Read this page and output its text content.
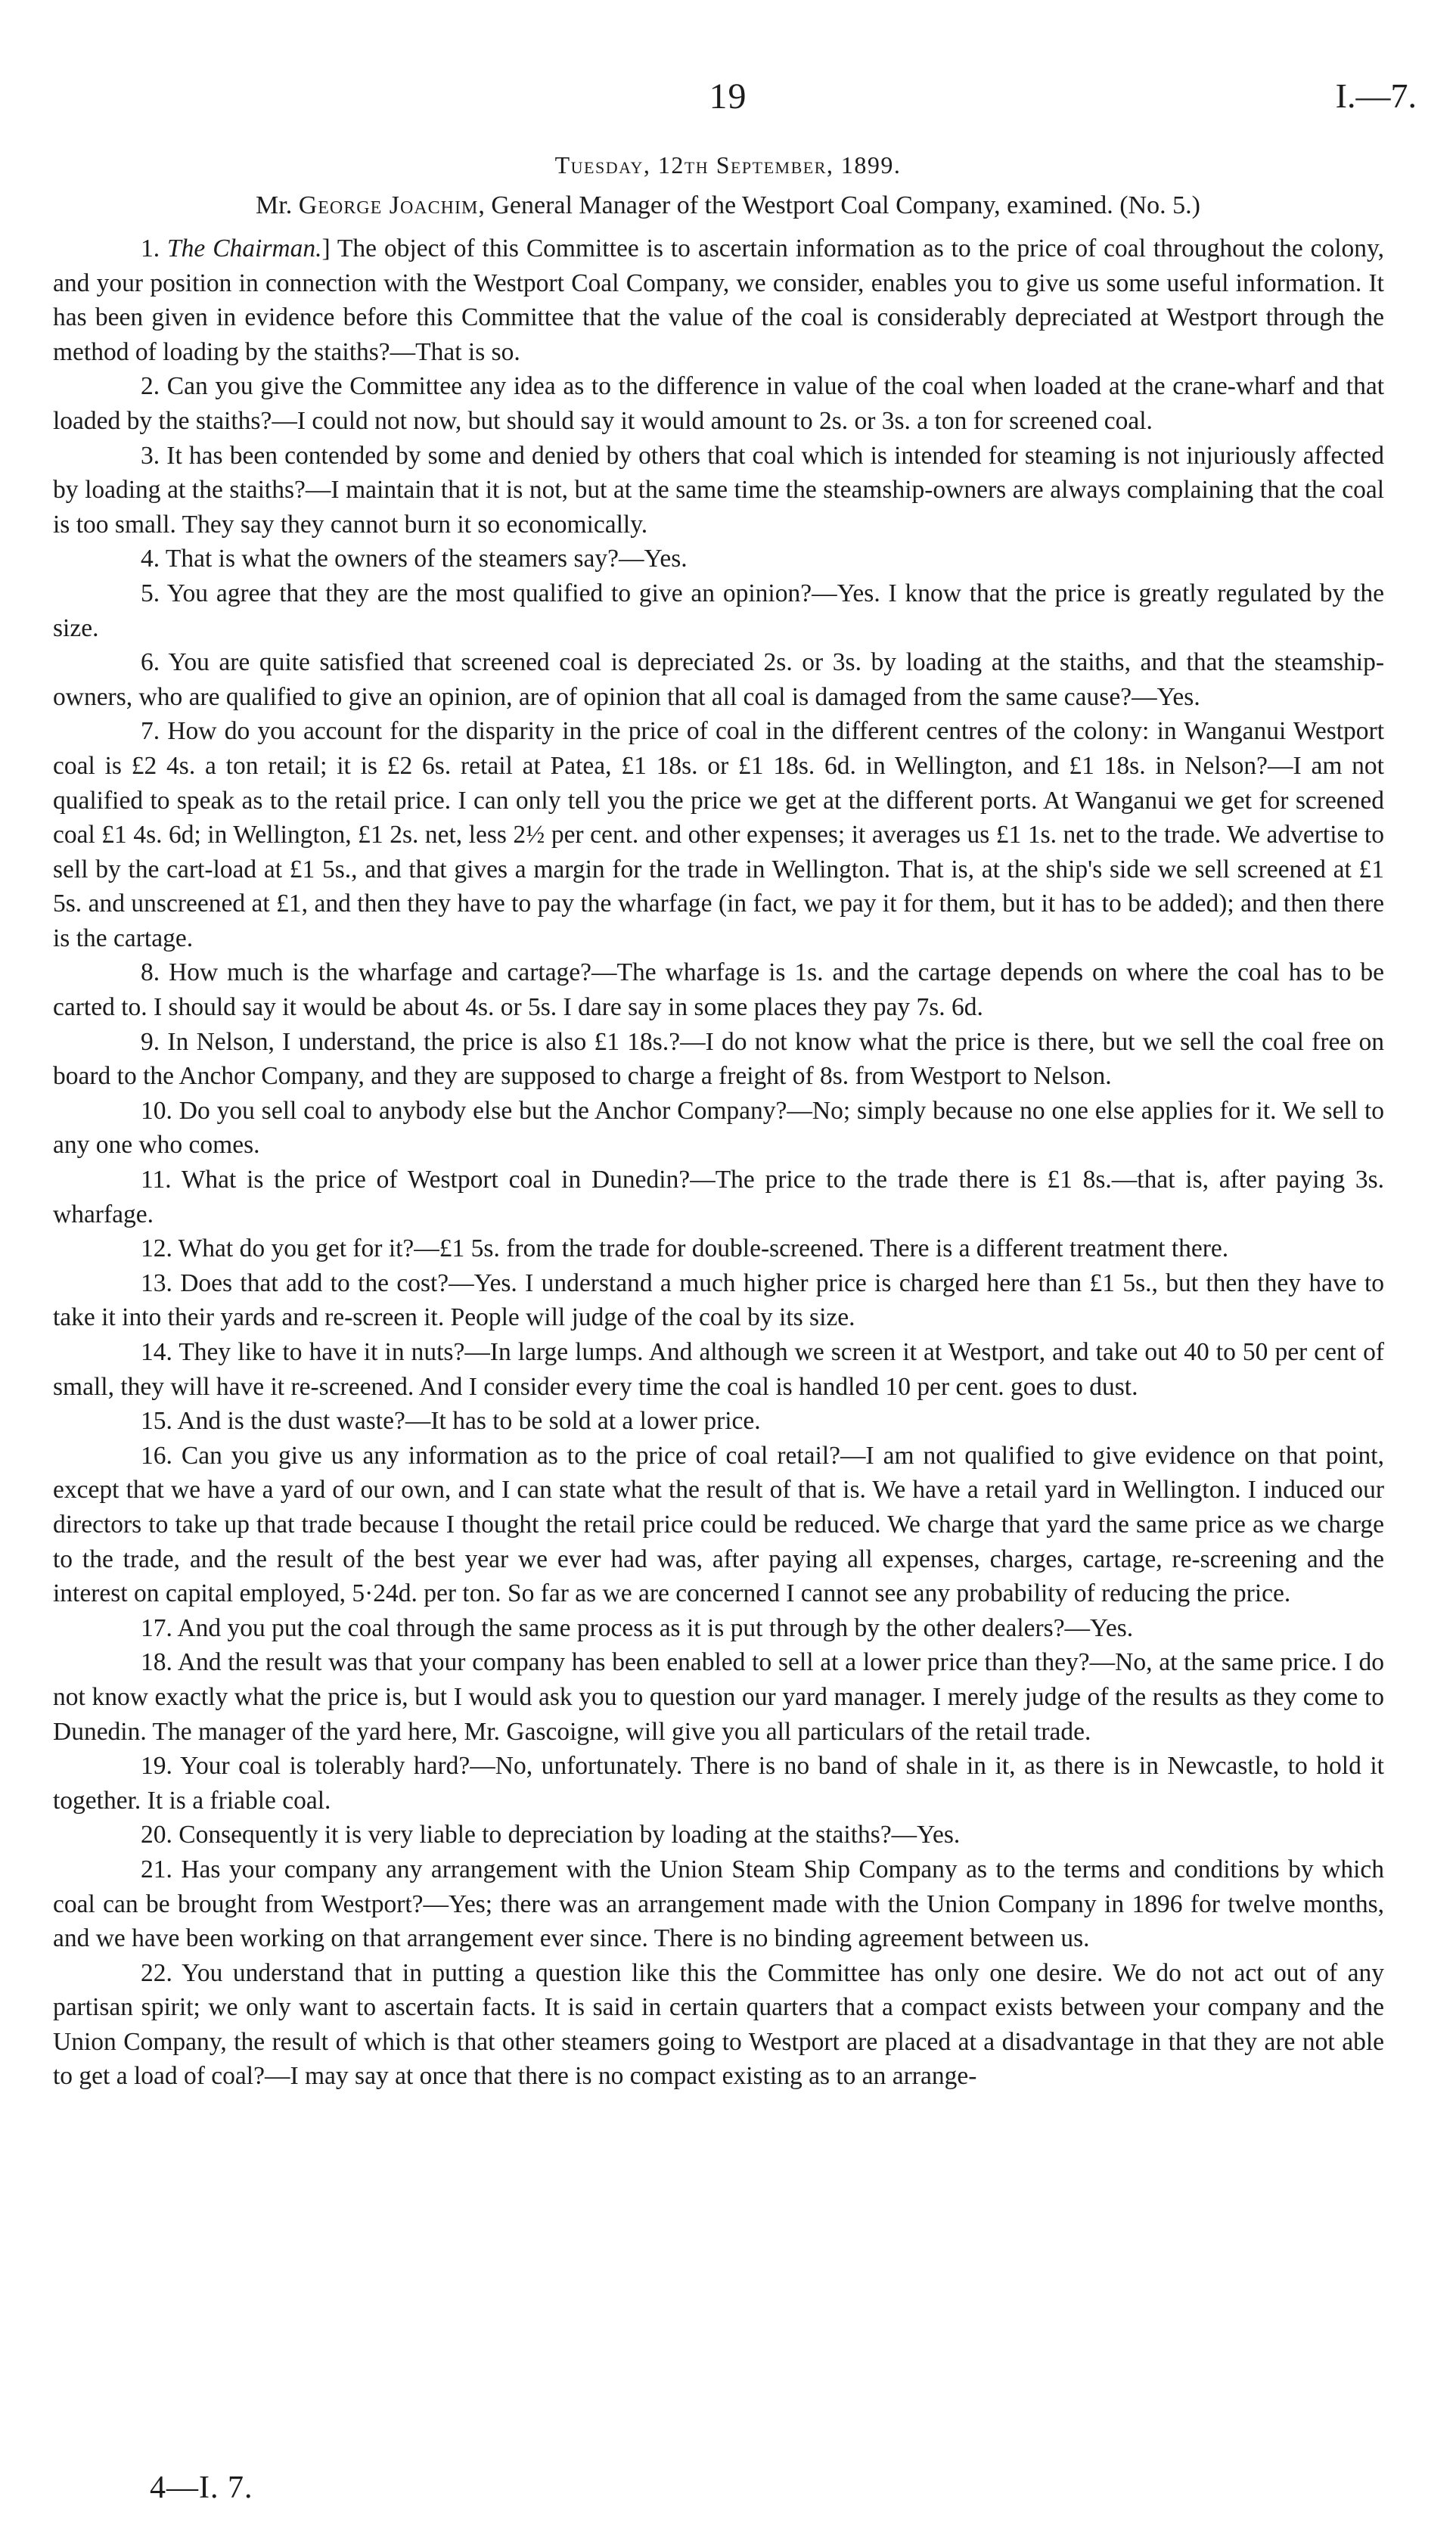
19	I.—7.
Tuesday, 12th September, 1899.
Mr. George Joachim, General Manager of the Westport Coal Company, examined. (No. 5.)

1. The Chairman.] The object of this Committee is to ascertain information as to the price of coal throughout the colony, and your position in connection with the Westport Coal Company, we consider, enables you to give us some useful information. It has been given in evidence before this Committee that the value of the coal is considerably depreciated at Westport through the method of loading by the staiths?—That is so.

2. Can you give the Committee any idea as to the difference in value of the coal when loaded at the crane-wharf and that loaded by the staiths?—I could not now, but should say it would amount to 2s. or 3s. a ton for screened coal.

3. It has been contended by some and denied by others that coal which is intended for steaming is not injuriously affected by loading at the staiths?—I maintain that it is not, but at the same time the steamship-owners are always complaining that the coal is too small. They say they cannot burn it so economically.

4. That is what the owners of the steamers say?—Yes.

5. You agree that they are the most qualified to give an opinion?—Yes. I know that the price is greatly regulated by the size.

6. You are quite satisfied that screened coal is depreciated 2s. or 3s. by loading at the staiths, and that the steamship-owners, who are qualified to give an opinion, are of opinion that all coal is damaged from the same cause?—Yes.

7. How do you account for the disparity in the price of coal in the different centres of the colony: in Wanganui Westport coal is £2 4s. a ton retail; it is £2 6s. retail at Patea, £1 18s. or £1 18s. 6d. in Wellington, and £1 18s. in Nelson?—I am not qualified to speak as to the retail price. I can only tell you the price we get at the different ports. At Wanganui we get for screened coal £1 4s. 6d; in Wellington, £1 2s. net, less 2½ per cent. and other expenses; it averages us £1 1s. net to the trade. We advertise to sell by the cart-load at £1 5s., and that gives a margin for the trade in Wellington. That is, at the ship's side we sell screened at £1 5s. and unscreened at £1, and then they have to pay the wharfage (in fact, we pay it for them, but it has to be added); and then there is the cartage.

8. How much is the wharfage and cartage?—The wharfage is 1s. and the cartage depends on where the coal has to be carted to. I should say it would be about 4s. or 5s. I dare say in some places they pay 7s. 6d.

9. In Nelson, I understand, the price is also £1 18s.?—I do not know what the price is there, but we sell the coal free on board to the Anchor Company, and they are supposed to charge a freight of 8s. from Westport to Nelson.

10. Do you sell coal to anybody else but the Anchor Company?—No; simply because no one else applies for it. We sell to any one who comes.

11. What is the price of Westport coal in Dunedin?—The price to the trade there is £1 8s.—that is, after paying 3s. wharfage.

12. What do you get for it?—£1 5s. from the trade for double-screened. There is a different treatment there.

13. Does that add to the cost?—Yes. I understand a much higher price is charged here than £1 5s., but then they have to take it into their yards and re-screen it. People will judge of the coal by its size.

14. They like to have it in nuts?—In large lumps. And although we screen it at Westport, and take out 40 to 50 per cent of small, they will have it re-screened. And I consider every time the coal is handled 10 per cent. goes to dust.

15. And is the dust waste?—It has to be sold at a lower price.

16. Can you give us any information as to the price of coal retail?—I am not qualified to give evidence on that point, except that we have a yard of our own, and I can state what the result of that is. We have a retail yard in Wellington. I induced our directors to take up that trade because I thought the retail price could be reduced. We charge that yard the same price as we charge to the trade, and the result of the best year we ever had was, after paying all expenses, charges, cartage, re-screening and the interest on capital employed, 5·24d. per ton. So far as we are concerned I cannot see any probability of reducing the price.

17. And you put the coal through the same process as it is put through by the other dealers?—Yes.

18. And the result was that your company has been enabled to sell at a lower price than they?—No, at the same price. I do not know exactly what the price is, but I would ask you to question our yard manager. I merely judge of the results as they come to Dunedin. The manager of the yard here, Mr. Gascoigne, will give you all particulars of the retail trade.

19. Your coal is tolerably hard?—No, unfortunately. There is no band of shale in it, as there is in Newcastle, to hold it together. It is a friable coal.

20. Consequently it is very liable to depreciation by loading at the staiths?—Yes.

21. Has your company any arrangement with the Union Steam Ship Company as to the terms and conditions by which coal can be brought from Westport?—Yes; there was an arrangement made with the Union Company in 1896 for twelve months, and we have been working on that arrangement ever since. There is no binding agreement between us.

22. You understand that in putting a question like this the Committee has only one desire. We do not act out of any partisan spirit; we only want to ascertain facts. It is said in certain quarters that a compact exists between your company and the Union Company, the result of which is that other steamers going to Westport are placed at a disadvantage in that they are not able to get a load of coal?—I may say at once that there is no compact existing as to an arrange-

4—I. 7.
